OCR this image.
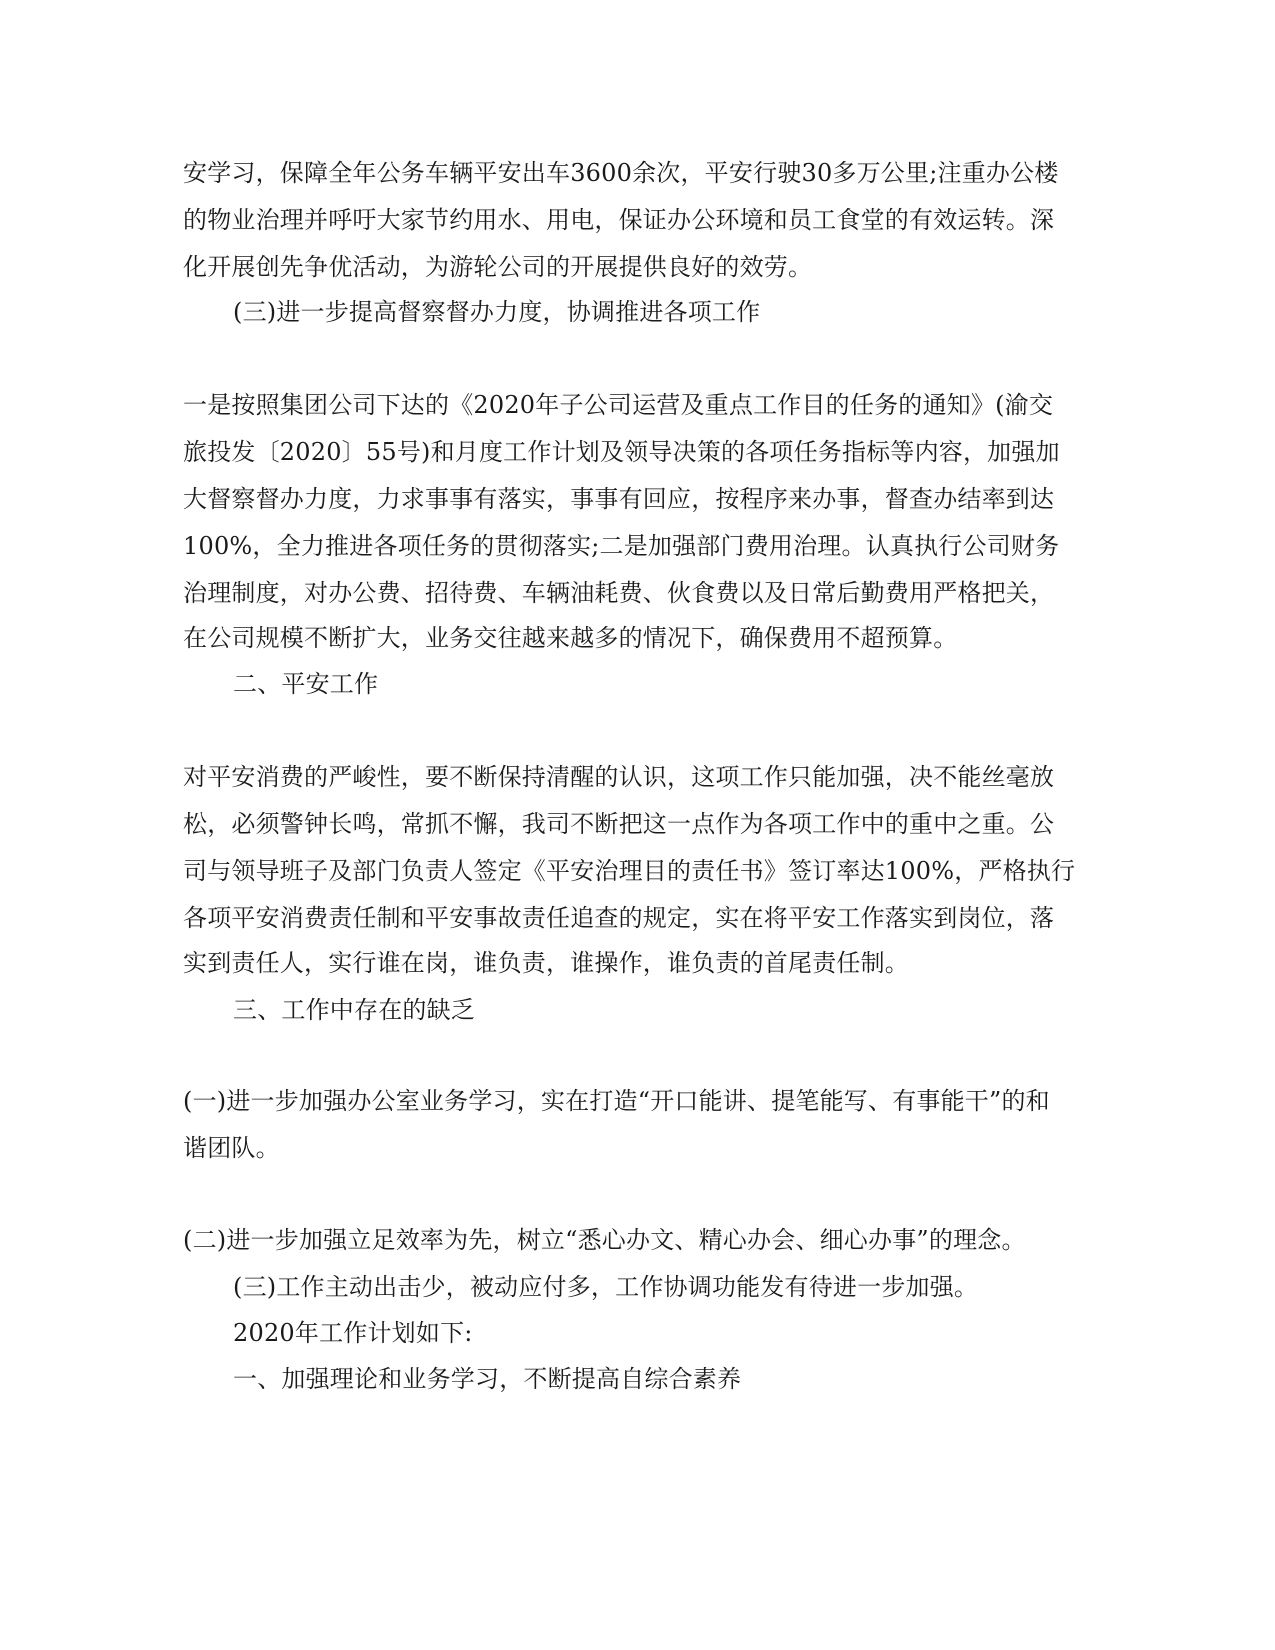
安学习，保障全年公务车辆平安出车3600余次，平安行驶30多万公里;注重办公楼
的物业治理并呼吁大家节约用水、用电，保证办公环境和员工食堂的有效运转。深
化开展创先争优活动，为游轮公司的开展提供良好的效劳。
(三)进一步提高督察督办力度，协调推进各项工作
一是按照集团公司下达的《2020年子公司运营及重点工作目的任务的通知》(渝交
旅投发〔2020〕55号)和月度工作计划及领导决策的各项任务指标等内容，加强加
大督察督办力度，力求事事有落实，事事有回应，按程序来办事，督查办结率到达
100%，全力推进各项任务的贯彻落实;二是加强部门费用治理。认真执行公司财务
治理制度，对办公费、招待费、车辆油耗费、伙食费以及日常后勤费用严格把关，
在公司规模不断扩大，业务交往越来越多的情况下，确保费用不超预算。
二、平安工作
对平安消费的严峻性，要不断保持清醒的认识，这项工作只能加强，决不能丝毫放
松，必须警钟长鸣，常抓不懈，我司不断把这一点作为各项工作中的重中之重。公
司与领导班子及部门负责人签定《平安治理目的责任书》签订率达100%，严格执行
各项平安消费责任制和平安事故责任追查的规定，实在将平安工作落实到岗位，落
实到责任人，实行谁在岗，谁负责，谁操作，谁负责的首尾责任制。
三、工作中存在的缺乏
(一)进一步加强办公室业务学习，实在打造“开口能讲、提笔能写、有事能干”的和
谐团队。
(二)进一步加强立足效率为先，树立“悉心办文、精心办会、细心办事”的理念。
(三)工作主动出击少，被动应付多，工作协调功能发有待进一步加强。
2020年工作计划如下:
一、加强理论和业务学习，不断提高自综合素养
